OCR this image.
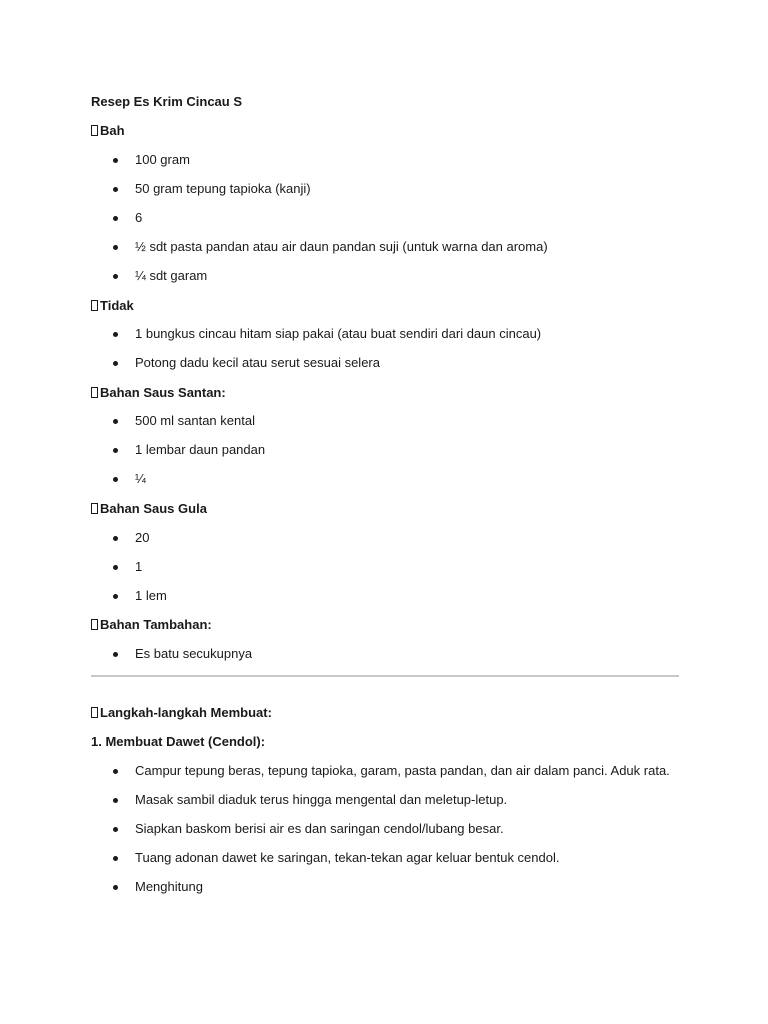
Resep Es Krim Cincau S
Bah
100 gram
50 gram tepung tapioka (kanji)
6
½ sdt pasta pandan atau air daun pandan suji (untuk warna dan aroma)
¼ sdt garam
Tidak
1 bungkus cincau hitam siap pakai (atau buat sendiri dari daun cincau)
Potong dadu kecil atau serut sesuai selera
Bahan Saus Santan:
500 ml santan kental
1 lembar daun pandan
¼
Bahan Saus Gula
20
1
1 lem
Bahan Tambahan:
Es batu secukupnya
Langkah-langkah Membuat:
1. Membuat Dawet (Cendol):
Campur tepung beras, tepung tapioka, garam, pasta pandan, dan air dalam panci. Aduk rata.
Masak sambil diaduk terus hingga mengental dan meletup-letup.
Siapkan baskom berisi air es dan saringan cendol/lubang besar.
Tuang adonan dawet ke saringan, tekan-tekan agar keluar bentuk cendol.
Menghitung
